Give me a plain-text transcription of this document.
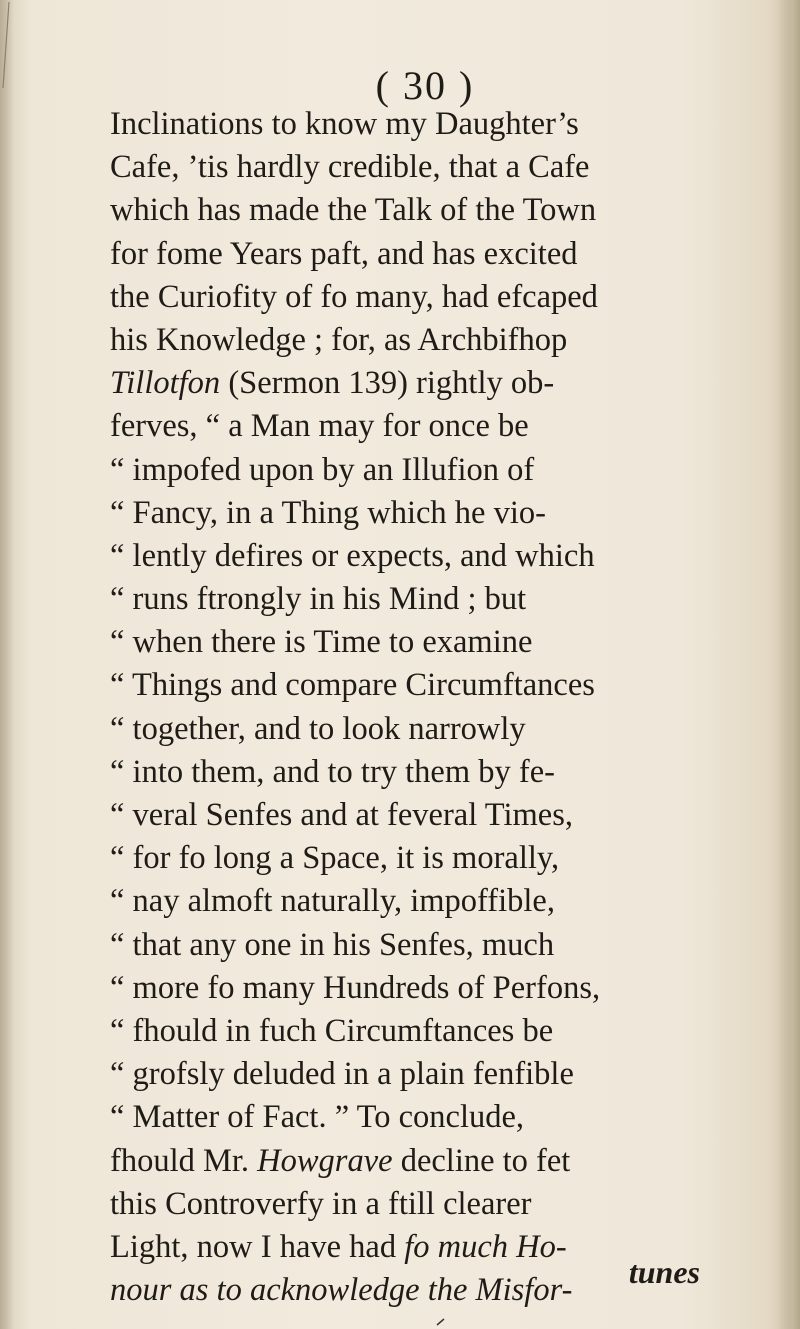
( 30 )
Inclinations to know my Daughter’s
Cafe, ’tis hardly credible, that a Cafe
which has made the Talk of the Town
for fome Years paft, and has excited
the Curiofity of fo many, had efcaped
his Knowledge ; for, as Archbifhop
Tillotfon (Sermon 139) rightly ob-
ferves, “ a Man may for once be
“ impofed upon by an Illufion of
“ Fancy, in a Thing which he vio-
“ lently defires or expects, and which
“ runs ftrongly in his Mind ; but
“ when there is Time to examine
“ Things and compare Circumftances
“ together, and to look narrowly
“ into them, and to try them by fe-
“ veral Senfes and at feveral Times,
“ for fo long a Space, it is morally,
“ nay almoft naturally, impoffible,
“ that any one in his Senfes, much
“ more fo many Hundreds of Perfons,
“ fhould in fuch Circumftances be
“ grofsly deluded in a plain fenfible
“ Matter of Fact. ” To conclude,
fhould Mr. Howgrave decline to fet
this Controverfy in a ftill clearer
Light, now I have had fo much Ho-
nour as to acknowledge the Misfor-
tunes
